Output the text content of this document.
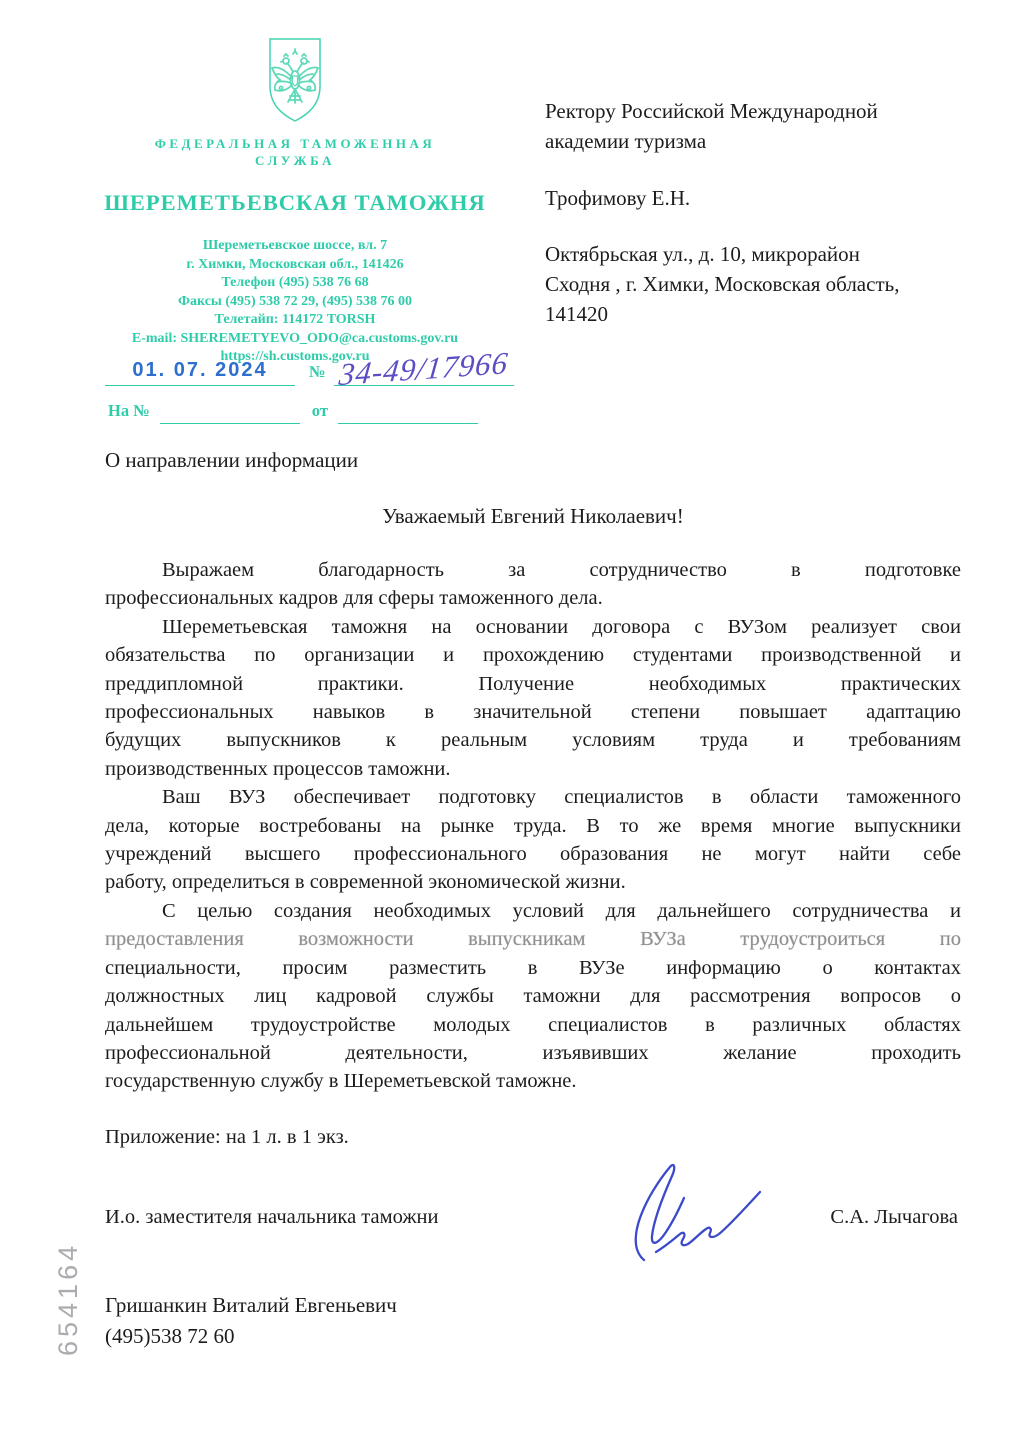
ФЕДЕРАЛЬНАЯ ТАМОЖЕННАЯ
СЛУЖБА
ШЕРЕМЕТЬЕВСКАЯ ТАМОЖНЯ
Шереметьевское шоссе, вл. 7
г. Химки, Московская обл., 141426
Телефон (495) 538 76 68
Факсы (495) 538 72 29, (495) 538 76 00
Телетайп: 114172 TORSH
E-mail: SHEREMETYEVO_ODO@ca.customs.gov.ru
https://sh.customs.gov.ru
01. 07. 2024	№ 34-49/17966
На №	от
Ректору Российской Международной
академии туризма
Трофимову Е.Н.
Октябрьская ул., д. 10, микрорайон
Сходня , г. Химки, Московская область,
141420
О направлении информации
Уважаемый Евгений Николаевич!
Выражаем благодарность за сотрудничество в подготовке
профессиональных кадров для сферы таможенного дела.
Шереметьевская таможня на основании договора с ВУЗом реализует свои
обязательства по организации и прохождению студентами производственной и
преддипломной практики. Получение необходимых практических
профессиональных навыков в значительной степени повышает адаптацию
будущих выпускников к реальным условиям труда и требованиям
производственных процессов таможни.
Ваш ВУЗ обеспечивает подготовку специалистов в области таможенного
дела, которые востребованы на рынке труда. В то же время многие выпускники
учреждений высшего профессионального образования не могут найти себе
работу, определиться в современной экономической жизни.
С целью создания необходимых условий для дальнейшего сотрудничества и
предоставления возможности выпускникам ВУЗа трудоустроиться по
специальности, просим разместить в ВУЗе информацию о контактах
должностных лиц кадровой службы таможни для рассмотрения вопросов о
дальнейшем трудоустройстве молодых специалистов в различных областях
профессиональной деятельности, изъявивших желание проходить
государственную службу в Шереметьевской таможне.
Приложение: на 1 л. в 1 экз.
И.о. заместителя начальника таможни	С.А. Лычагова
Гришанкин Виталий Евгеньевич
(495)538 72 60
654164
